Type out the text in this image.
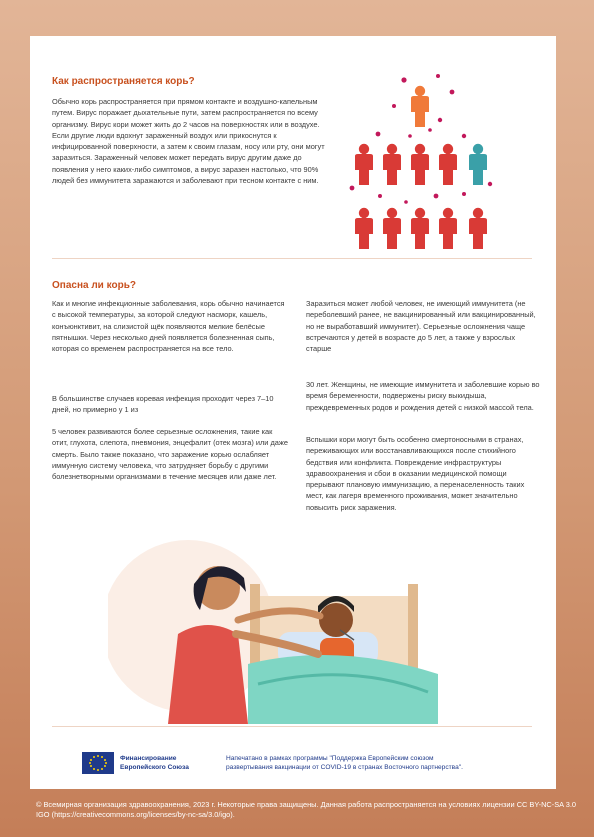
Как распространяется корь?

Обычно корь распространяется при прямом контакте и воздушно-капельным путем. Вирус поражает дыхательные пути, затем распространяется по всему организму. Вирус кори может жить до 2 часов на поверхностях или в воздухе. Если другие люди вдохнут зараженный воздух или прикоснутся к инфицированной поверхности, а затем к своим глазам, носу или рту, они могут заразиться. Зараженный человек может передать вирус другим даже до появления у него каких-либо симптомов, а вирус заразен настолько, что 90% людей без иммунитета заражаются и заболевают при тесном контакте с ним.

Опасна ли корь?

Как и многие инфекционные заболевания, корь обычно начинается с высокой температуры, за которой следуют насморк, кашель, конъюнктивит, на слизистой щёк появляются мелкие белёсые пятнышки. Через несколько дней появляется болезненная сыпь, которая со временем распространяется на все тело.

В большинстве случаев коревая инфекция проходит через 7–10 дней, но примерно у 1 из

5 человек развиваются более серьезные осложнения, такие как отит, глухота, слепота, пневмония, энцефалит (отек мозга) или даже смерть. Было также показано, что заражение корью ослабляет иммунную систему человека, что затрудняет борьбу с другими болезнетворными организмами в течение месяцев или даже лет.

Заразиться может любой человек, не имеющий иммунитета (не переболевший ранее, не вакцинированный или вакцинированный, но не выработавший иммунитет). Серьезные осложнения чаще встречаются у детей в возрасте до 5 лет, а также у взрослых старше

30 лет. Женщины, не имеющие иммунитета и заболевшие корью во время беременности, подвержены риску выкидыша, преждевременных родов и рождения детей с низкой массой тела.

Вспышки кори могут быть особенно смертоносными в странах, переживающих или восстанавливающихся после стихийного бедствия или конфликта. Повреждение инфраструктуры здравоохранения и сбои в оказании медицинской помощи прерывают плановую иммунизацию, а перенаселенность таких мест, как лагеря временного проживания, может значительно повысить риск заражения.

Финансирование
Европейского Союза
Напечатано в рамках программы "Поддержка Европейским союзом
развертывания вакцинации от COVID-19 в странах Восточного партнерства".
© Всемирная организация здравоохранения, 2023 г. Некоторые права защищены. Данная работа распространяется на условиях лицензии CC BY-NC-SA 3.0 IGO (https://creativecommons.org/licenses/by-nc-sa/3.0/igo).
